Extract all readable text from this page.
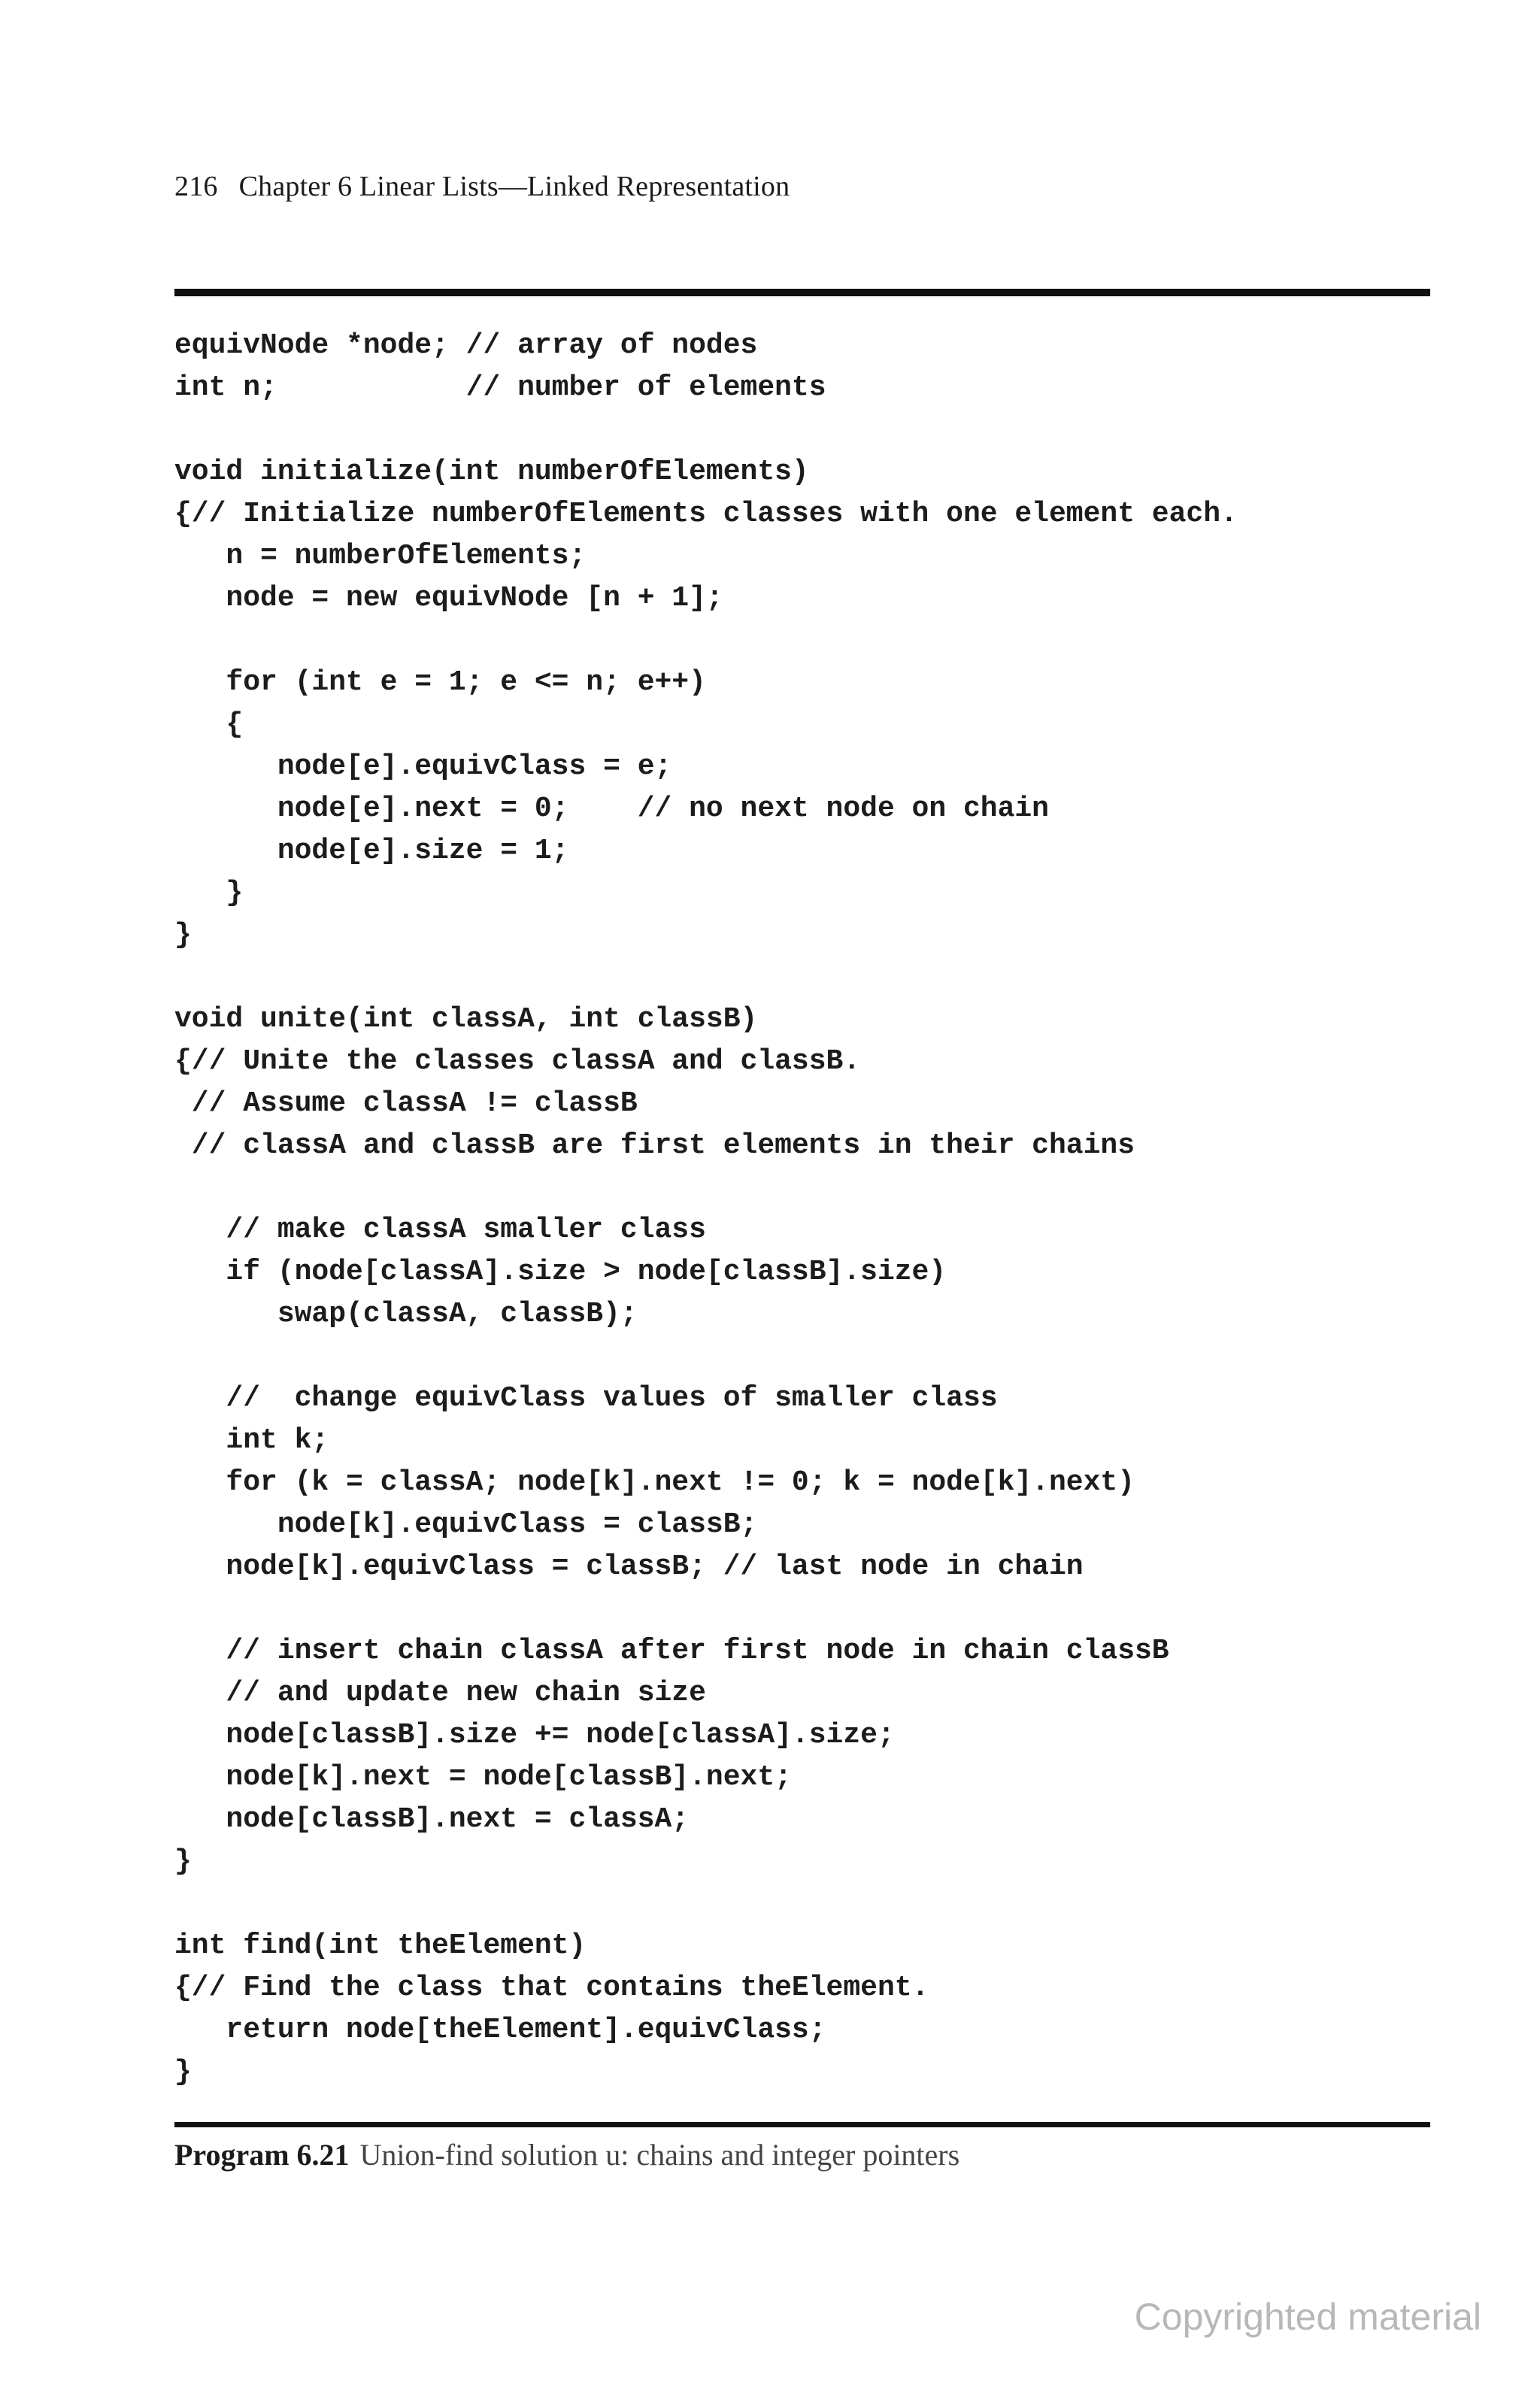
216 Chapter 6 Linear Lists—Linked Representation
equivNode *node; // array of nodes
int n;           // number of elements
void initialize(int numberOfElements)
{// Initialize numberOfElements classes with one element each.
n = numberOfElements;
node = new equivNode [n + 1];
for (int e = 1; e <= n; e++)
{
node[e].equivClass = e;
node[e].next = 0;    // no next node on chain
node[e].size = 1;
}
}
void unite(int classA, int classB)
{// Unite the classes classA and classB.
// Assume classA != classB
// classA and classB are first elements in their chains
// make classA smaller class
if (node[classA].size > node[classB].size)
swap(classA, classB);
//  change equivClass values of smaller class
int k;
for (k = classA; node[k].next != 0; k = node[k].next)
node[k].equivClass = classB;
node[k].equivClass = classB; // last node in chain
// insert chain classA after first node in chain classB
// and update new chain size
node[classB].size += node[classA].size;
node[k].next = node[classB].next;
node[classB].next = classA;
}
int find(int theElement)
{// Find the class that contains theElement.
return node[theElement].equivClass;
}
Program 6.21 Union-find solution u: chains and integer pointers
Copyrighted material
